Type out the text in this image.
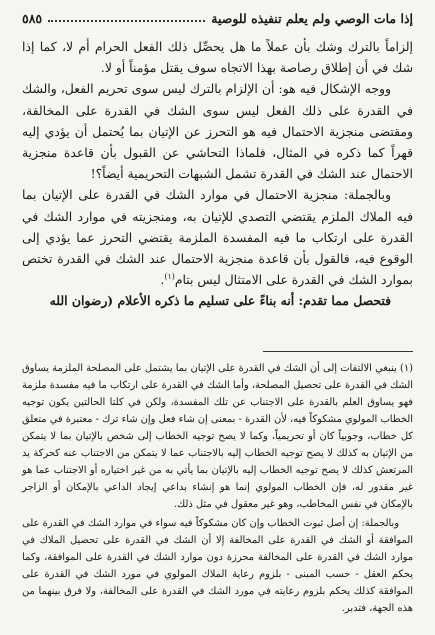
إذا مات الوصي ولم يعلم تنفيذه للوصية
٥٨٥

إلزاماً بالترك وشك بأن عملاً ما هل يحصِّل ذلك الفعل الحرام أم لا، كما إذا شك في أن إطلاق رصاصة بهذا الاتجاه سوف يقتل مؤمناً أو لا.

ووجه الإشكال فيه هو: أن الإلزام بالترك ليس سوى تحريم الفعل، والشك في القدرة على ذلك الفعل ليس سوى الشك في القدرة على المخالفة، ومقتضى منجزية الاحتمال فيه هو التحرز عن الإتيان بما يُحتمل أن يؤدي إليه قهراً كما ذكره في المثال، فلماذا التحاشي عن القبول بأن قاعدة منجزية الاحتمال عند الشك في القدرة تشمل الشبهات التحريمية أيضاً؟!

وبالجملة: منجزية الاحتمال في موارد الشك في القدرة على الإتيان بما فيه الملاك الملزم يقتضي التصدي للإتيان به، ومنجزيته في موارد الشك في القدرة على ارتكاب ما فيه المفسدة الملزمة يقتضي التحرز عما يؤدي إلى الوقوع فيه، فالقول بأن قاعدة منجزية الاحتمال عند الشك في القدرة تختص بموارد الشك في القدرة على الامتثال ليس بتام$^{(١)}$.

فتحصل مما تقدم: أنه بناءً على تسليم ما ذكره الأعلام (رضوان الله

(١) ينبغي الالتفات إلى أن الشك في القدرة على الإتيان بما يشتمل على المصلحة الملزمة يساوق الشك في القدرة على تحصيل المصلحة، وأما الشك في القدرة على ارتكاب ما فيه مفسدة ملزمة فهو يساوق العلم بالقدرة على الاجتناب عن تلك المفسدة، ولكن في كلتا الحالتين يكون توجيه الخطاب المولوي مشكوكاً فيه، لأن القدرة - بمعنى إن شاء فعل وإن شاء ترك - معتبرة في متعلق كل خطاب، وجوبياً كان أو تحريمياً، وكما لا يصح توجيه الخطاب إلى شخص بالإتيان بما لا يتمكن من الإتيان به كذلك لا يصح توجيه الخطاب إليه بالاجتناب عما لا يتمكن من الاجتناب عنه كحركة يد المرتعش كذلك لا يصح توجيه الخطاب إليه بالإتيان بما يأتي به من غير اختياره أو الاجتناب عما هو غير مقدور له، فإن الخطاب المولوي إنما هو إنشاء بداعي إيجاد الداعي بالإمكان أو الزاجر بالإمكان في نفس المخاطب، وهو غير معقول في مثل ذلك.

وبالجملة: إن أصل ثبوت الخطاب وإن كان مشكوكاً فيه سواء في موارد الشك في القدرة على الموافقة أو الشك في القدرة على المخالفة إلا أن الشك في القدرة على تحصيل الملاك في موارد الشك في القدرة على المخالفة محرزة دون موارد الشك في القدرة على الموافقة، وكما يحكم العقل - حسب المبنى - بلزوم رعاية الملاك المولوي في مورد الشك في القدرة على الموافقة كذلك يحكم بلزوم رعايته في مورد الشك في القدرة على المخالفة، ولا فرق بينهما من هذه الجهة، فتدبر.
